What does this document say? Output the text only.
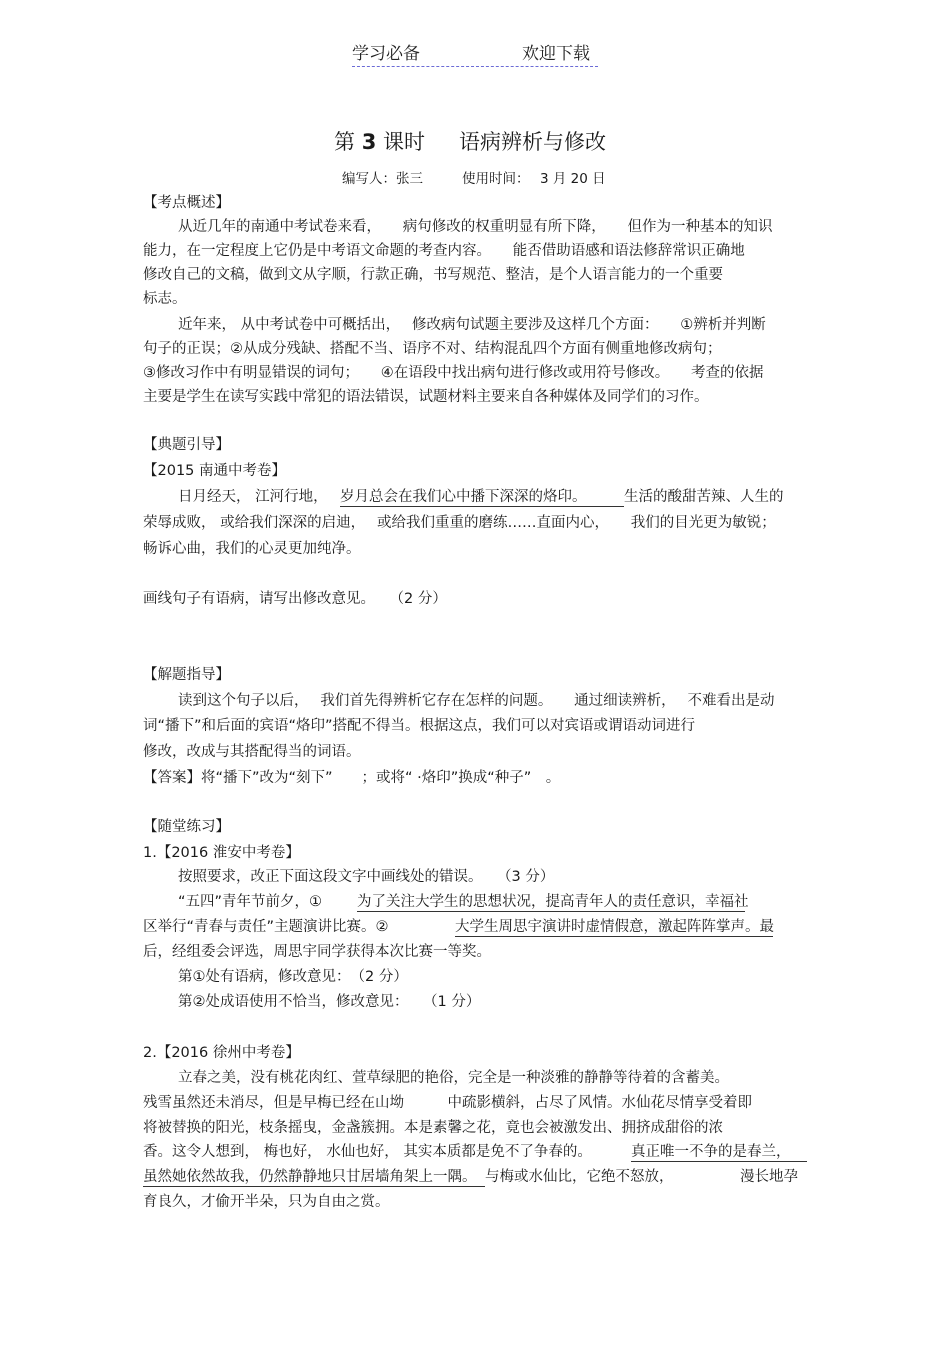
学习必备	欢迎下载
第 3 课时 语病辨析与修改
编写人：张三	使用时间： 3 月 20 日
【考点概述】
从近几年的南通中考试卷来看，　　病句修改的权重明显有所下降，　　但作为一种基本的知识
能力，在一定程度上它仍是中考语文命题的考查内容。　　能否借助语感和语法修辞常识正确地
修改自己的文稿，做到文从字顺，行款正确，书写规范、整洁，是个人语言能力的一个重要
标志。
近年来， 从中考试卷中可概括出，　 修改病句试题主要涉及这样几个方面：　　①辨析并判断
句子的正误；②从成分残缺、搭配不当、语序不对、结构混乱四个方面有侧重地修改病句；
③修改习作中有明显错误的词句；　　④在语段中找出病句进行修改或用符号修改。　　考查的依据
主要是学生在读写实践中常犯的语法错误，试题材料主要来自各种媒体及同学们的习作。
【典题引导】
【2015 南通中考卷】
日月经天， 江河行地， 岁月总会在我们心中播下深深的烙印。	生活的酸甜苦辣、人生的
荣辱成败， 或给我们深深的启迪，　 或给我们重重的磨练……直面内心，　　我们的目光更为敏锐；
畅诉心曲，我们的心灵更加纯净。
画线句子有语病，请写出修改意见。　　（2 分）
【解题指导】
读到这个句子以后，　 我们首先得辨析它存在怎样的问题。　　通过细读辨析，　 不难看出是动
词“播下”和后面的宾语“烙印”搭配不得当。根据这点，我们可以对宾语或谓语动词进行
修改，改成与其搭配得当的词语。
【答案】将“播下”改为“刻下”　　；或将“ ·烙印”换成“种子”　。
【随堂练习】
1.【2016 淮安中考卷】
按照要求，改正下面这段文字中画线处的错误。　　（3 分）
“五四”青年节前夕，① 为了关注大学生的思想状况，提高青年人的责任意识，幸福社
区举行“青春与责任”主题演讲比赛。②	大学生周思宇演讲时虚情假意，激起阵阵掌声。最
后，经组委会评选，周思宇同学获得本次比赛一等奖。
第①处有语病，修改意见：　（2 分）
第②处成语使用不恰当，修改意见：　　（1 分）
2.【2016 徐州中考卷】
立春之美，没有桃花肉红、萱草绿肥的艳俗，完全是一种淡雅的静静等待着的含蓄美。
残雪虽然还未消尽，但是早梅已经在山坳　　　中疏影横斜，占尽了风情。水仙花尽情享受着即
将被替换的阳光，枝条摇曳，金盏簇拥。本是素馨之花，竟也会被激发出、拥挤成甜俗的浓
香。这令人想到， 梅也好， 水仙也好， 其实本质都是免不了争春的。	真正唯一不争的是春兰，
虽然她依然故我，仍然静静地只甘居墙角架上一隅。 与梅或水仙比，它绝不怒放，	漫长地孕
育良久，才偷开半朵，只为自由之赏。
